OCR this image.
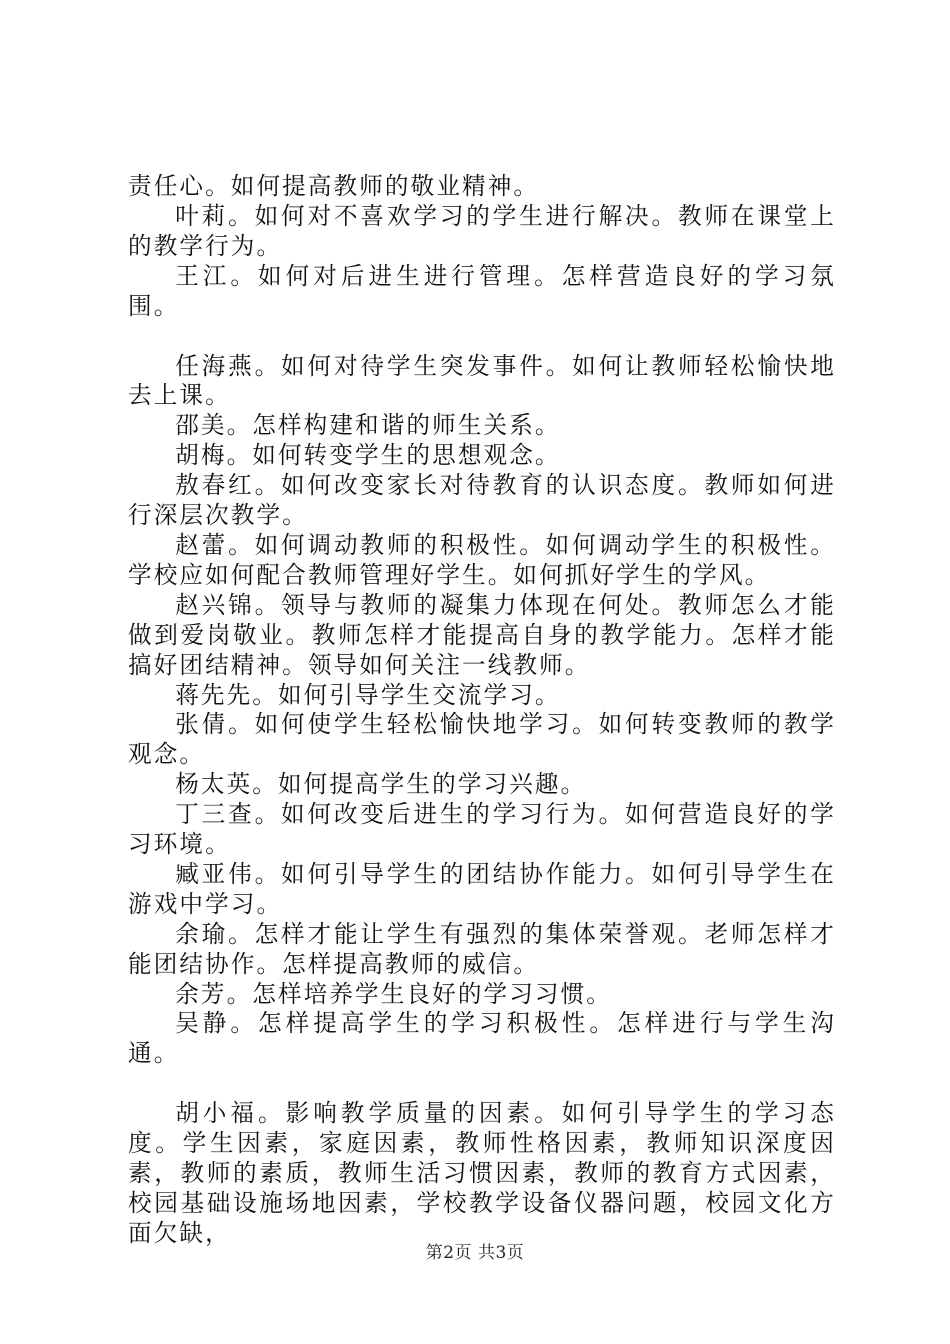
责任心。如何提高教师的敬业精神。

叶莉。如何对不喜欢学习的学生进行解决。教师在课堂上的教学行为。

王江。如何对后进生进行管理。怎样营造良好的学习氛围。

任海燕。如何对待学生突发事件。如何让教师轻松愉快地去上课。

邵美。怎样构建和谐的师生关系。

胡梅。如何转变学生的思想观念。

敖春红。如何改变家长对待教育的认识态度。教师如何进行深层次教学。

赵蕾。如何调动教师的积极性。如何调动学生的积极性。学校应如何配合教师管理好学生。如何抓好学生的学风。

赵兴锦。领导与教师的凝集力体现在何处。教师怎么才能做到爱岗敬业。教师怎样才能提高自身的教学能力。怎样才能搞好团结精神。领导如何关注一线教师。

蒋先先。如何引导学生交流学习。

张倩。如何使学生轻松愉快地学习。如何转变教师的教学观念。

杨太英。如何提高学生的学习兴趣。

丁三查。如何改变后进生的学习行为。如何营造良好的学习环境。

臧亚伟。如何引导学生的团结协作能力。如何引导学生在游戏中学习。

余瑜。怎样才能让学生有强烈的集体荣誉观。老师怎样才能团结协作。怎样提高教师的威信。

余芳。怎样培养学生良好的学习习惯。

吴静。怎样提高学生的学习积极性。怎样进行与学生沟通。

胡小福。影响教学质量的因素。如何引导学生的学习态度。学生因素，家庭因素，教师性格因素，教师知识深度因素，教师的素质，教师生活习惯因素，教师的教育方式因素，校园基础设施场地因素，学校教学设备仪器问题，校园文化方面欠缺，

第2页 共3页
